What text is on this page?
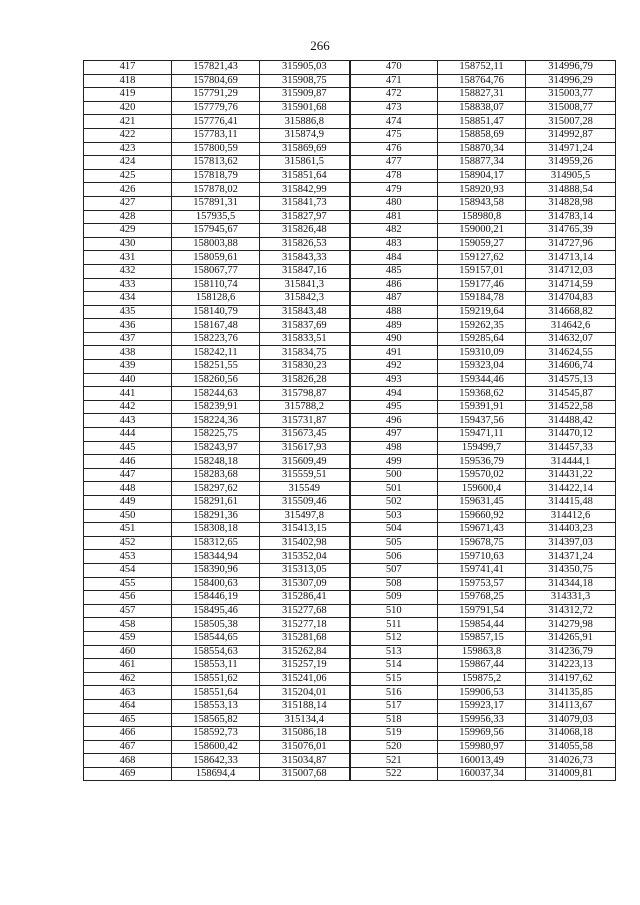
266
417	157821,43	315905,03	470	158752,11	314996,79
418	157804,69	315908,75	471	158764,76	314996,29
419	157791,29	315909,87	472	158827,31	315003,77
420	157779,76	315901,68	473	158838,07	315008,77
421	157776,41	315886,8	474	158851,47	315007,28
422	157783,11	315874,9	475	158858,69	314992,87
423	157800,59	315869,69	476	158870,34	314971,24
424	157813,62	315861,5	477	158877,34	314959,26
425	157818,79	315851,64	478	158904,17	314905,5
426	157878,02	315842,99	479	158920,93	314888,54
427	157891,31	315841,73	480	158943,58	314828,98
428	157935,5	315827,97	481	158980,8	314783,14
429	157945,67	315826,48	482	159000,21	314765,39
430	158003,88	315826,53	483	159059,27	314727,96
431	158059,61	315843,33	484	159127,62	314713,14
432	158067,77	315847,16	485	159157,01	314712,03
433	158110,74	315841,3	486	159177,46	314714,59
434	158128,6	315842,3	487	159184,78	314704,83
435	158140,79	315843,48	488	159219,64	314668,82
436	158167,48	315837,69	489	159262,35	314642,6
437	158223,76	315833,51	490	159285,64	314632,07
438	158242,11	315834,75	491	159310,09	314624,55
439	158251,55	315830,23	492	159323,04	314606,74
440	158260,56	315826,28	493	159344,46	314575,13
441	158244,63	315798,87	494	159368,62	314545,87
442	158239,91	315788,2	495	159391,91	314522,58
443	158224,36	315731,87	496	159437,56	314488,42
444	158225,75	315673,45	497	159471,11	314470,12
445	158243,97	315617,93	498	159499,7	314457,33
446	158248,18	315609,49	499	159536,79	314444,1
447	158283,68	315559,51	500	159570,02	314431,22
448	158297,62	315549	501	159600,4	314422,14
449	158291,61	315509,46	502	159631,45	314415,48
450	158291,36	315497,8	503	159660,92	314412,6
451	158308,18	315413,15	504	159671,43	314403,23
452	158312,65	315402,98	505	159678,75	314397,03
453	158344,94	315352,04	506	159710,63	314371,24
454	158390,96	315313,05	507	159741,41	314350,75
455	158400,63	315307,09	508	159753,57	314344,18
456	158446,19	315286,41	509	159768,25	314331,3
457	158495,46	315277,68	510	159791,54	314312,72
458	158505,38	315277,18	511	159854,44	314279,98
459	158544,65	315281,68	512	159857,15	314265,91
460	158554,63	315262,84	513	159863,8	314236,79
461	158553,11	315257,19	514	159867,44	314223,13
462	158551,62	315241,06	515	159875,2	314197,62
463	158551,64	315204,01	516	159906,53	314135,85
464	158553,13	315188,14	517	159923,17	314113,67
465	158565,82	315134,4	518	159956,33	314079,03
466	158592,73	315086,18	519	159969,56	314068,18
467	158600,42	315076,01	520	159980,97	314055,58
468	158642,33	315034,87	521	160013,49	314026,73
469	158694,4	315007,68	522	160037,34	314009,81
